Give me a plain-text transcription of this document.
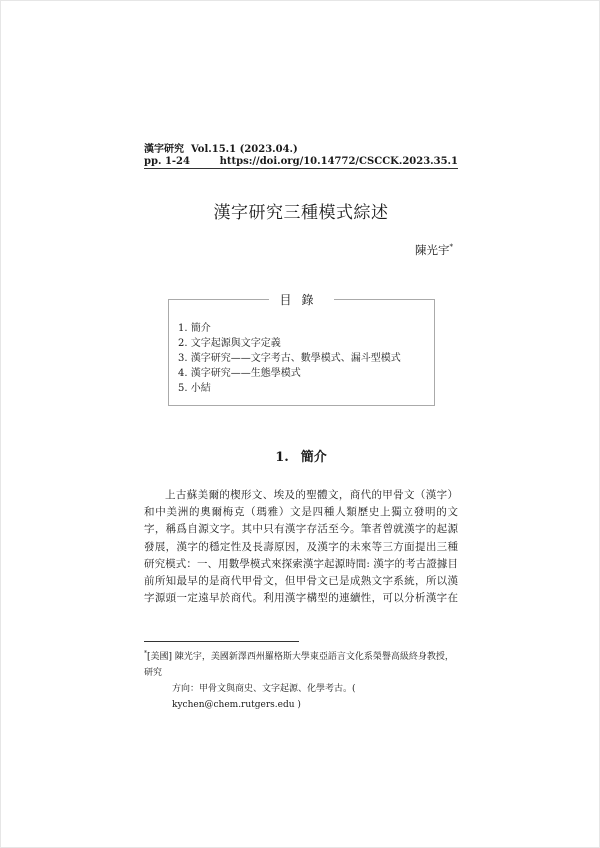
漢字研究 Vol.15.1 (2023.04.)
pp. 1-24	https://doi.org/10.14772/CSCCK.2023.35.1
漢字研究三種模式綜述
陳光宇*
目錄
1. 簡介
2. 文字起源與文字定義
3. 漢字研究——文字考古、數學模式、漏斗型模式
4. 漢字研究——生態學模式
5. 小結
1. 簡介
上古蘇美爾的楔形文、埃及的聖體文，商代的甲骨文（漢字）和中美洲的奧爾梅克（瑪雅）文是四種人類歷史上獨立發明的文字，稱爲自源文字。其中只有漢字存活至今。筆者曾就漢字的起源發展，漢字的穩定性及長壽原因，及漢字的未來等三方面提出三種研究模式：一、用數學模式來探索漢字起源時間: 漢字的考古證據目前所知最早的是商代甲骨文，但甲骨文已是成熟文字系統，所以漢字源頭一定遠早於商代。利用漢字構型的連續性，可以分析漢字在
*[美國] 陳光宇，美國新澤西州羅格斯大學東亞語言文化系榮譽高級終身教授，研究
方向：甲骨文與商史、文字起源、化學考古。( kychen@chem.rutgers.edu )
